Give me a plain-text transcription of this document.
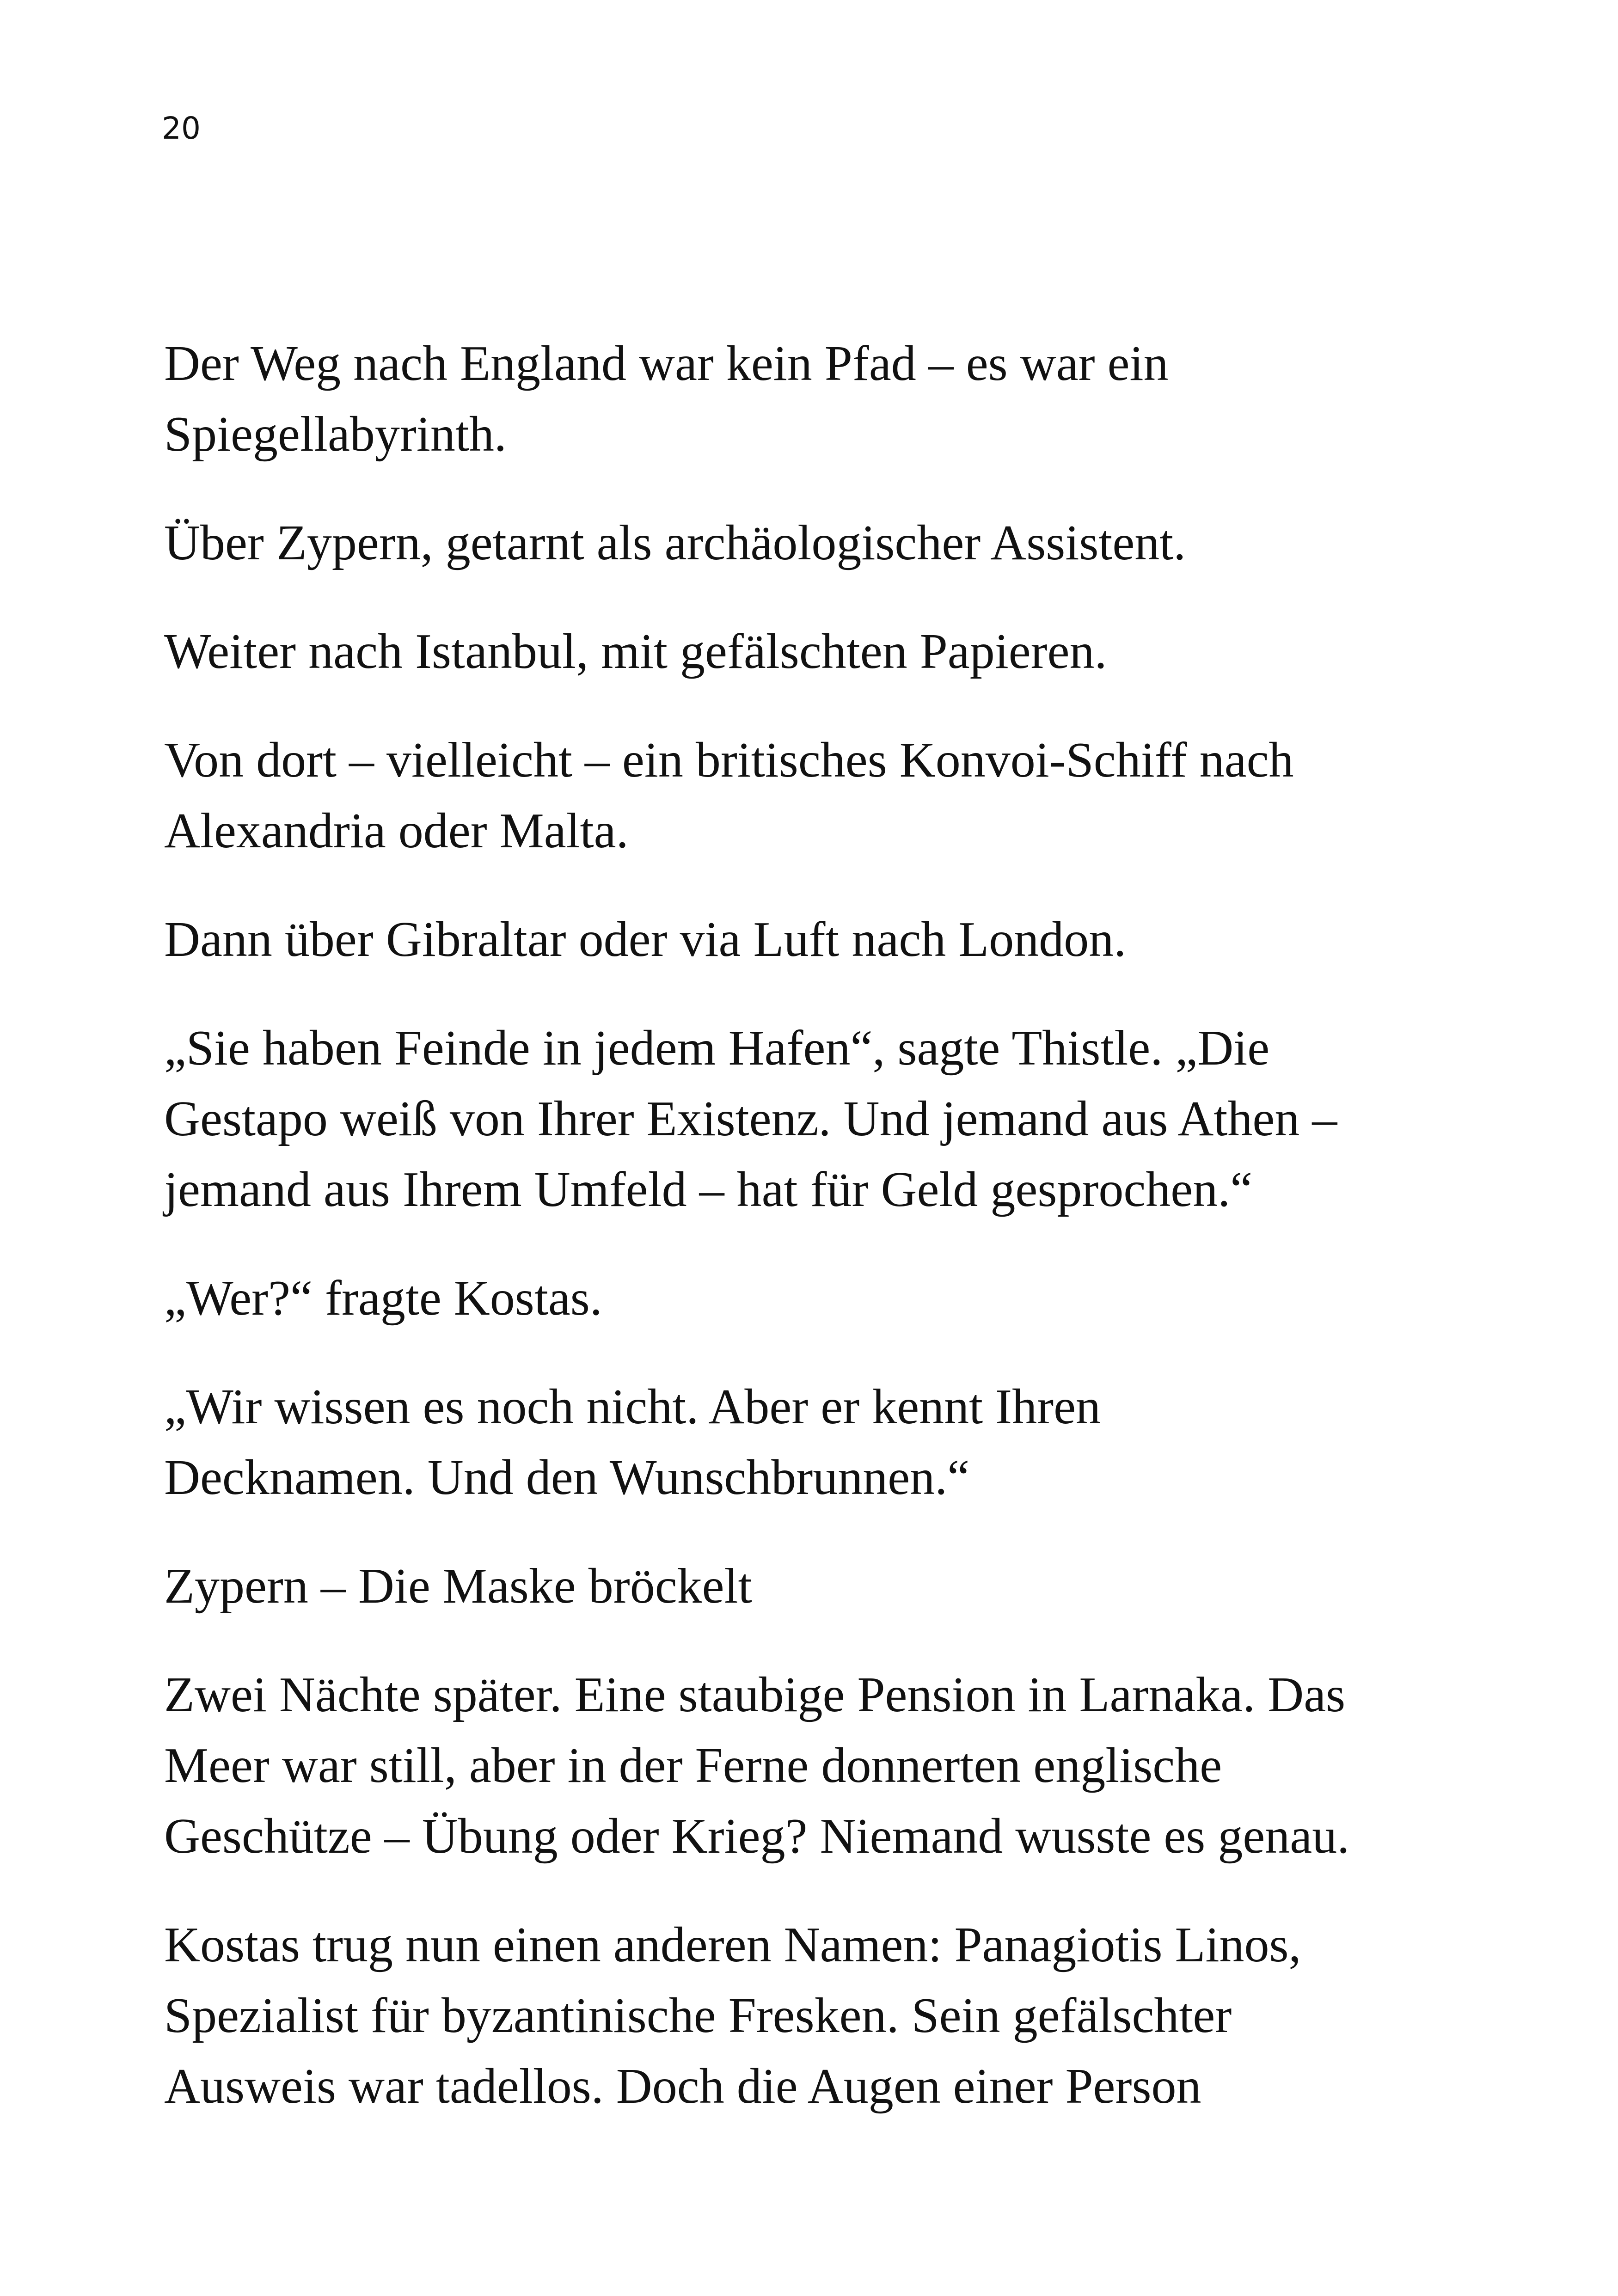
20

Der Weg nach England war kein Pfad – es war ein
Spiegellabyrinth.

Über Zypern, getarnt als archäologischer Assistent.

Weiter nach Istanbul, mit gefälschten Papieren.

Von dort – vielleicht – ein britisches Konvoi-Schiff nach
Alexandria oder Malta.

Dann über Gibraltar oder via Luft nach London.

„Sie haben Feinde in jedem Hafen“, sagte Thistle. „Die
Gestapo weiß von Ihrer Existenz. Und jemand aus Athen –
jemand aus Ihrem Umfeld – hat für Geld gesprochen.“

„Wer?“ fragte Kostas.

„Wir wissen es noch nicht. Aber er kennt Ihren
Decknamen. Und den Wunschbrunnen.“

Zypern – Die Maske bröckelt

Zwei Nächte später. Eine staubige Pension in Larnaka. Das
Meer war still, aber in der Ferne donnerten englische
Geschütze – Übung oder Krieg? Niemand wusste es genau.

Kostas trug nun einen anderen Namen: Panagiotis Linos,
Spezialist für byzantinische Fresken. Sein gefälschter
Ausweis war tadellos. Doch die Augen einer Person
